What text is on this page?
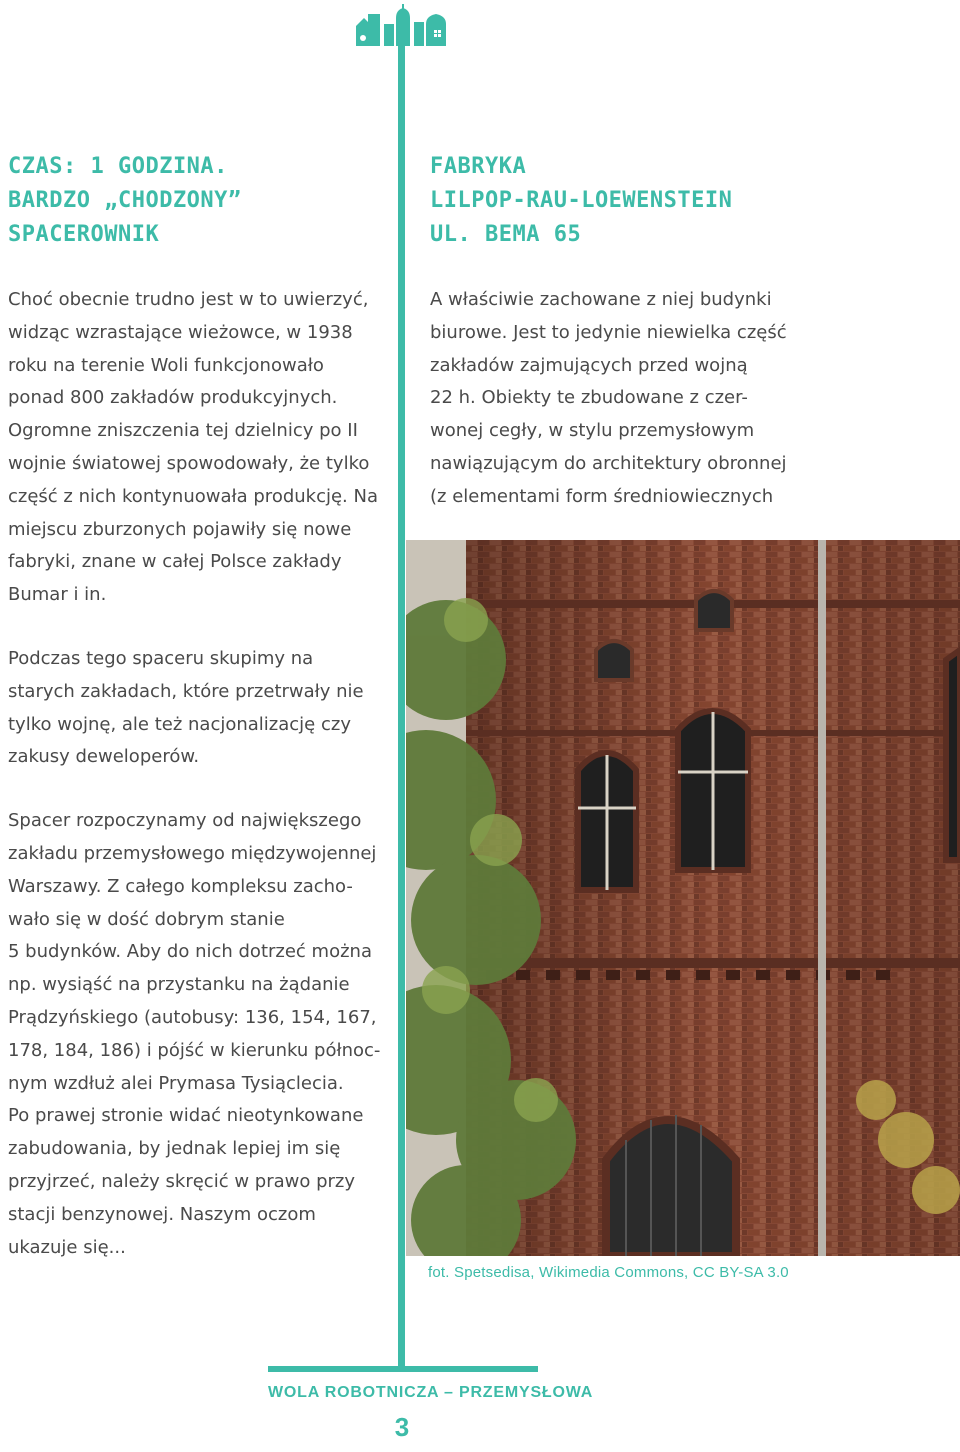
CZAS: 1 GODZINA.
BARDZO „CHODZONY”
SPACEROWNIK
FABRYKA
LILPOP-RAU-LOEWENSTEIN
UL. BEMA 65

Choć obecnie trudno jest w to uwierzyć,
widząc wzrastające wieżowce, w 1938
roku na terenie Woli funkcjonowało
ponad 800 zakładów produkcyjnych.
Ogromne zniszczenia tej dzielnicy po II
wojnie światowej spowodowały, że tylko
część z nich kontynuowała produkcję. Na
miejscu zburzonych pojawiły się nowe
fabryki, znane w całej Polsce zakłady
Bumar i in.

Podczas tego spaceru skupimy na
starych zakładach, które przetrwały nie
tylko wojnę, ale też nacjonalizację czy
zakusy deweloperów.

Spacer rozpoczynamy od największego
zakładu przemysłowego międzywojennej
Warszawy. Z całego kompleksu zacho-
wało się w dość dobrym stanie
5 budynków. Aby do nich dotrzeć można
np. wysiąść na przystanku na żądanie
Prądzyńskiego (autobusy: 136, 154, 167,
178, 184, 186) i pójść w kierunku północ-
nym wzdłuż alei Prymasa Tysiąclecia.
Po prawej stronie widać nieotynkowane
zabudowania, by jednak lepiej im się
przyjrzeć, należy skręcić w prawo przy
stacji benzynowej. Naszym oczom
ukazuje się...

A właściwie zachowane z niej budynki
biurowe. Jest to jedynie niewielka część
zakładów zajmujących przed wojną
22 h. Obiekty te zbudowane z czer-
wonej cegły, w stylu przemysłowym
nawiązującym do architektury obronnej
(z elementami form średniowiecznych

fot. Spetsedisa, Wikimedia Commons, CC BY-SA 3.0
WOLA ROBOTNICZA – PRZEMYSŁOWA
3
